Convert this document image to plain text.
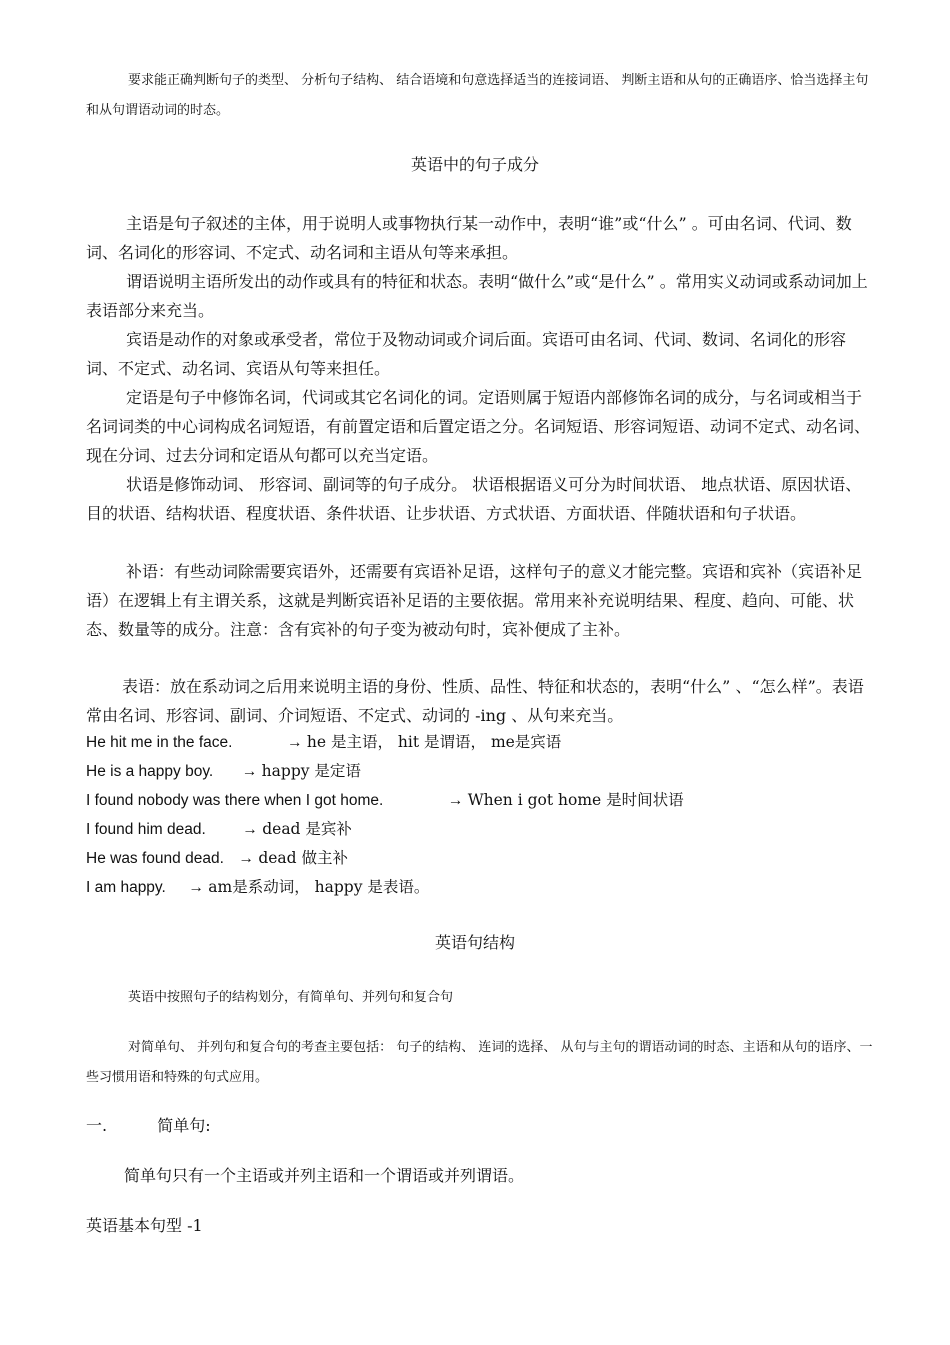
要求能正确判断句子的类型、 分析句子结构、 结合语境和句意选择适当的连接词语、 判断主语和从句的正确语序、恰当选择主句和从句谓语动词的时态。

英语中的句子成分

主语是句子叙述的主体，用于说明人或事物执行某一动作中，表明“谁”或“什么” 。可由名词、代词、数词、名词化的形容词、不定式、动名词和主语从句等来承担。

谓语说明主语所发出的动作或具有的特征和状态。表明“做什么”或“是什么” 。常用实义动词或系动词加上表语部分来充当。

宾语是动作的对象或承受者，常位于及物动词或介词后面。宾语可由名词、代词、数词、名词化的形容词、不定式、动名词、宾语从句等来担任。

定语是句子中修饰名词，代词或其它名词化的词。定语则属于短语内部修饰名词的成分，与名词或相当于名词词类的中心词构成名词短语，有前置定语和后置定语之分。名词短语、形容词短语、动词不定式、动名词、现在分词、过去分词和定语从句都可以充当定语。

状语是修饰动词、 形容词、副词等的句子成分。 状语根据语义可分为时间状语、 地点状语、原因状语、目的状语、结构状语、程度状语、条件状语、让步状语、方式状语、方面状语、伴随状语和句子状语。

补语：有些动词除需要宾语外，还需要有宾语补足语，这样句子的意义才能完整。宾语和宾补（宾语补足语）在逻辑上有主谓关系，这就是判断宾语补足语的主要依据。常用来补充说明结果、程度、趋向、可能、状态、数量等的成分。注意：含有宾补的句子变为被动句时，宾补便成了主补。

表语：放在系动词之后用来说明主语的身份、性质、品性、特征和状态的，表明“什么” 、“怎么样”。表语常由名词、形容词、副词、介词短语、不定式、动词的 -ing 、从句来充当。

He hit me in the face.	→ he 是主语， hit 是谓语， me是宾语

He is a happy boy. → happy 是定语

I found nobody was there when I got home.	→ When i got home 是时间状语

I found him dead. → dead 是宾补

He was found dead. → dead 做主补

I am happy. → am是系动词， happy 是表语。

英语句结构

英语中按照句子的结构划分，有简单句、并列句和复合句

对简单句、 并列句和复合句的考查主要包括： 句子的结构、 连词的选择、 从句与主句的谓语动词的时态、主语和从句的语序、一些习惯用语和特殊的句式应用。

一.	简单句:

简单句只有一个主语或并列主语和一个谓语或并列谓语。

英语基本句型 -1
